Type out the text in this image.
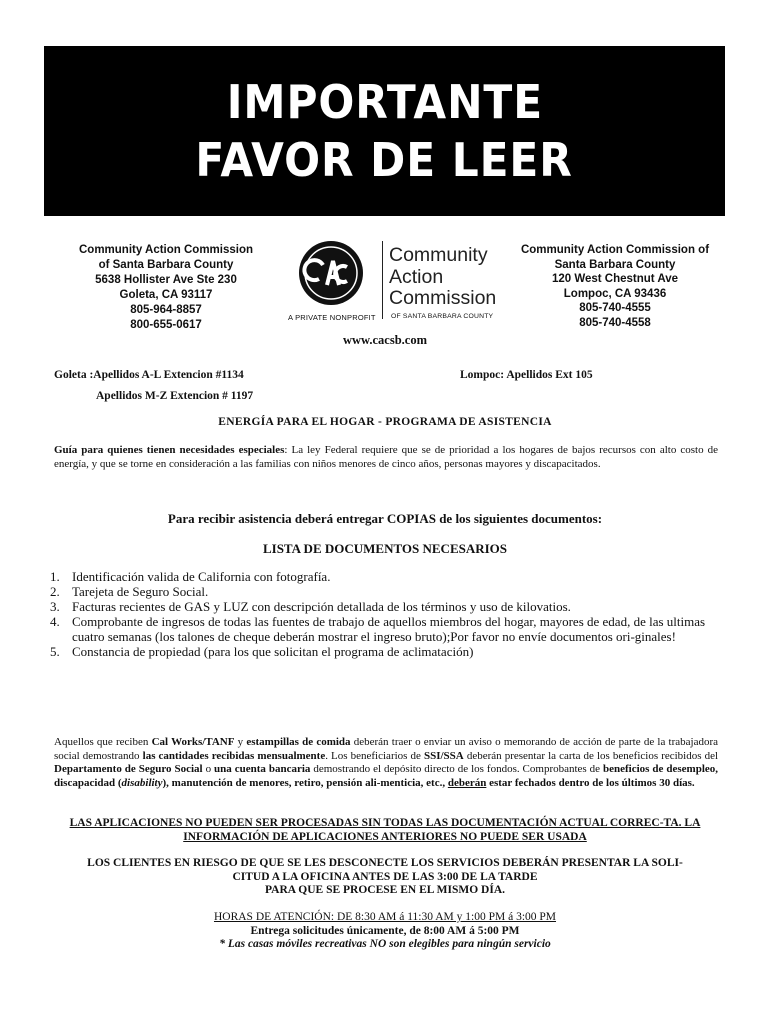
IMPORTANTE
FAVOR DE LEER
Community Action Commission
of Santa Barbara County
5638 Hollister Ave Ste 230
Goleta, CA 93117
805-964-8857
800-655-0617
Community
Action
Commission
A PRIVATE NONPROFIT OF SANTA BARBARA COUNTY
Community Action Commission of
Santa Barbara County
120 West Chestnut Ave
Lompoc, CA 93436
805-740-4555
805-740-4558
www.cacsb.com
Goleta :Apellidos A-L Extencion #1134
Apellidos M-Z Extencion # 1197
Lompoc: Apellidos Ext 105
ENERGÍA PARA EL HOGAR - PROGRAMA DE ASISTENCIA
Guía para quienes tienen necesidades especiales: La ley Federal requiere que se de prioridad a los hogares de bajos recursos con alto costo de energía, y que se torne en consideración a las familias con niños menores de cinco años, personas mayores y discapacitados.
Para recibir asistencia deberá entregar COPIAS de los siguientes documentos:
LISTA DE DOCUMENTOS NECESARIOS
1. Identificación valida de California con fotografía.
2. Tarejeta de Seguro Social.
3. Facturas recientes de GAS y LUZ con descripción detallada de los términos y uso de kilovatios.
4. Comprobante de ingresos de todas las fuentes de trabajo de aquellos miembros del hogar, mayores de edad, de las ultimas cuatro semanas (los talones de cheque deberán mostrar el ingreso bruto);Por favor no envíe documentos ori-ginales!
5. Constancia de propiedad (para los que solicitan el programa de aclimatación)
Aquellos que reciben Cal Works/TANF y estampillas de comida deberán traer o enviar un aviso o memorando de acción de parte de la trabajadora social demostrando las cantidades recibidas mensualmente. Los beneficiarios de SSI/SSA deberán presentar la carta de los beneficios recibidos del Departamento de Seguro Social o una cuenta bancaria demostrando el depósito directo de los fondos. Comprobantes de beneficios de desempleo, discapacidad (disability), manutención de menores, retiro, pensión ali-menticia, etc., deberán estar fechados dentro de los últimos 30 días.
LAS APLICACIONES NO PUEDEN SER PROCESADAS SIN TODAS LAS DOCUMENTACIÓN ACTUAL CORREC-TA. LA INFORMACIÓN DE APLICACIONES ANTERIORES NO PUEDE SER USADA
LOS CLIENTES EN RIESGO DE QUE SE LES DESCONECTE LOS SERVICIOS DEBERÁN PRESENTAR LA SOLI-
CITUD A LA OFICINA ANTES DE LAS 3:00 DE LA TARDE
PARA QUE SE PROCESE EN EL MISMO DÍA.
HORAS DE ATENCIÓN: DE 8:30 AM á 11:30 AM y 1:00 PM á 3:00 PM
Entrega solicitudes únicamente, de 8:00 AM á 5:00 PM
* Las casas móviles recreativas NO son elegibles para ningún servicio
